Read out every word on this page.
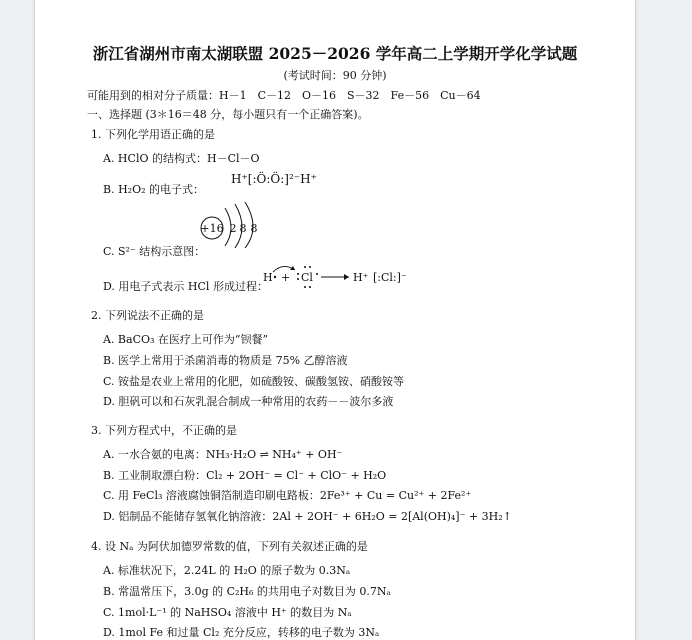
浙江省湖州市南太湖联盟 2025－2026 学年高二上学期开学化学试题
(考试时间：90 分钟)
可能用到的相对分子质量：H－1　C－12　O－16　S－32　Fe－56　Cu－64
一、选择题 (3＊16＝48 分，每小题只有一个正确答案)。
1. 下列化学用语正确的是
A. HClO 的结构式：H－Cl－O
B. H₂O₂ 的电子式：
H⁺[:Ö:Ö:]²⁻H⁺
C. S²⁻ 结构示意图：
+16 2 8 8
D. 用电子式表示 HCl 形成过程：
H + Cl	H⁺ [:Cl:]⁻
2. 下列说法不正确的是
A. BaCO₃ 在医疗上可作为“钡餐”
B. 医学上常用于杀菌消毒的物质是 75% 乙醇溶液
C. 铵盐是农业上常用的化肥，如硫酸铵、碳酸氢铵、硝酸铵等
D. 胆矾可以和石灰乳混合制成一种常用的农药－－波尔多液
3. 下列方程式中，不正确的是
A. 一水合氨的电离：NH₃·H₂O ⇌ NH₄⁺ + OH⁻
B. 工业制取漂白粉：Cl₂ + 2OH⁻ = Cl⁻ + ClO⁻ + H₂O
C. 用 FeCl₃ 溶液腐蚀铜箔制造印刷电路板：2Fe³⁺ + Cu = Cu²⁺ + 2Fe²⁺
D. 铝制品不能储存氢氧化钠溶液：2Al + 2OH⁻ + 6H₂O = 2[Al(OH)₄]⁻ + 3H₂↑
4. 设 Nₐ 为阿伏加德罗常数的值，下列有关叙述正确的是
A. 标准状况下，2.24L 的 H₂O 的原子数为 0.3Nₐ
B. 常温常压下，3.0g 的 C₂H₆ 的共用电子对数目为 0.7Nₐ
C. 1mol·L⁻¹ 的 NaHSO₄ 溶液中 H⁺ 的数目为 Nₐ
D. 1mol Fe 和过量 Cl₂ 充分反应，转移的电子数为 3Nₐ
